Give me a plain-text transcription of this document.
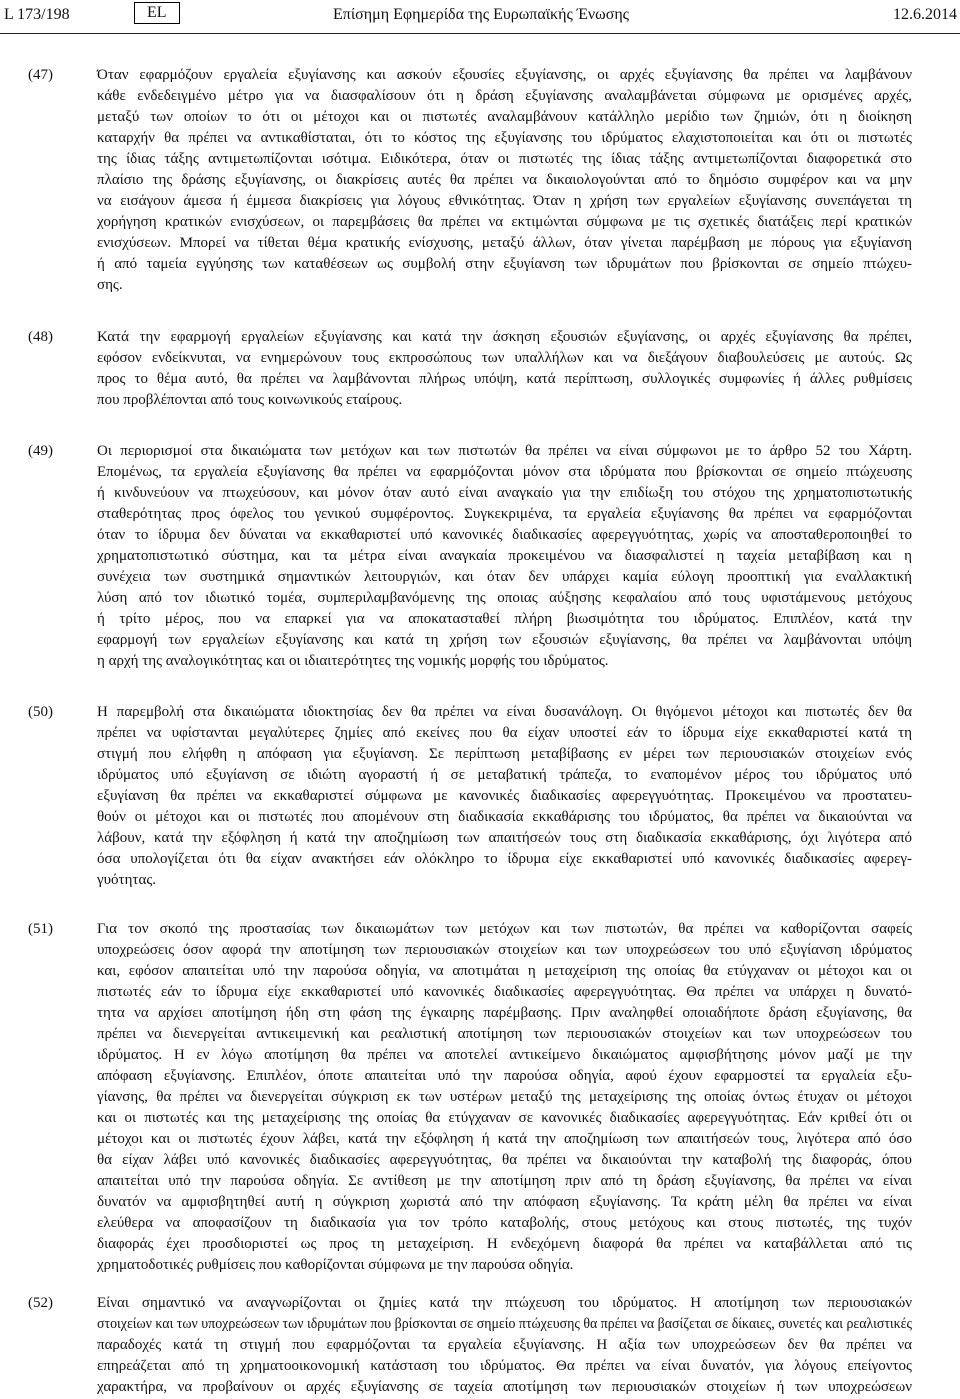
L 173/198	EL	Επίσημη Εφημερίδα της Ευρωπαϊκής Ένωσης	12.6.2014
(47)	Όταν εφαρμόζουν εργαλεία εξυγίανσης και ασκούν εξουσίες εξυγίανσης, οι αρχές εξυγίανσης θα πρέπει να λαμβάνουν
κάθε ενδεδειγμένο μέτρο για να διασφαλίσουν ότι η δράση εξυγίανσης αναλαμβάνεται σύμφωνα με ορισμένες αρχές,
μεταξύ των οποίων το ότι οι μέτοχοι και οι πιστωτές αναλαμβάνουν κατάλληλο μερίδιο των ζημιών, ότι η διοίκηση
καταρχήν θα πρέπει να αντικαθίσταται, ότι το κόστος της εξυγίανσης του ιδρύματος ελαχιστοποιείται και ότι οι πιστωτές
της ίδιας τάξης αντιμετωπίζονται ισότιμα. Ειδικότερα, όταν οι πιστωτές της ίδιας τάξης αντιμετωπίζονται διαφορετικά στο
πλαίσιο της δράσης εξυγίανσης, οι διακρίσεις αυτές θα πρέπει να δικαιολογούνται από το δημόσιο συμφέρον και να μην
να εισάγουν άμεσα ή έμμεσα διακρίσεις για λόγους εθνικότητας. Όταν η χρήση των εργαλείων εξυγίανσης συνεπάγεται τη
χορήγηση κρατικών ενισχύσεων, οι παρεμβάσεις θα πρέπει να εκτιμώνται σύμφωνα με τις σχετικές διατάξεις περί κρατικών
ενισχύσεων. Μπορεί να τίθεται θέμα κρατικής ενίσχυσης, μεταξύ άλλων, όταν γίνεται παρέμβαση με πόρους για εξυγίανση
ή από ταμεία εγγύησης των καταθέσεων ως συμβολή στην εξυγίανση των ιδρυμάτων που βρίσκονται σε σημείο πτώχευ-
σης.
(48)	Κατά την εφαρμογή εργαλείων εξυγίανσης και κατά την άσκηση εξουσιών εξυγίανσης, οι αρχές εξυγίανσης θα πρέπει,
εφόσον ενδείκνυται, να ενημερώνουν τους εκπροσώπους των υπαλλήλων και να διεξάγουν διαβουλεύσεις με αυτούς. Ως
προς το θέμα αυτό, θα πρέπει να λαμβάνονται πλήρως υπόψη, κατά περίπτωση, συλλογικές συμφωνίες ή άλλες ρυθμίσεις
που προβλέπονται από τους κοινωνικούς εταίρους.
(49)	Οι περιορισμοί στα δικαιώματα των μετόχων και των πιστωτών θα πρέπει να είναι σύμφωνοι με το άρθρο 52 του Χάρτη.
Επομένως, τα εργαλεία εξυγίανσης θα πρέπει να εφαρμόζονται μόνον στα ιδρύματα που βρίσκονται σε σημείο πτώχευσης
ή κινδυνεύουν να πτωχεύσουν, και μόνον όταν αυτό είναι αναγκαίο για την επιδίωξη του στόχου της χρηματοπιστωτικής
σταθερότητας προς όφελος του γενικού συμφέροντος. Συγκεκριμένα, τα εργαλεία εξυγίανσης θα πρέπει να εφαρμόζονται
όταν το ίδρυμα δεν δύναται να εκκαθαριστεί υπό κανονικές διαδικασίες αφερεγγυότητας, χωρίς να αποσταθεροποιηθεί το
χρηματοπιστωτικό σύστημα, και τα μέτρα είναι αναγκαία προκειμένου να διασφαλιστεί η ταχεία μεταβίβαση και η
συνέχεια των συστημικά σημαντικών λειτουργιών, και όταν δεν υπάρχει καμία εύλογη προοπτική για εναλλακτική
λύση από τον ιδιωτικό τομέα, συμπεριλαμβανόμενης της οποιας αύξησης κεφαλαίου από τους υφιστάμενους μετόχους
ή τρίτο μέρος, που να επαρκεί για να αποκατασταθεί πλήρη βιωσιμότητα του ιδρύματος. Επιπλέον, κατά την
εφαρμογή των εργαλείων εξυγίανσης και κατά τη χρήση των εξουσιών εξυγίανσης, θα πρέπει να λαμβάνονται υπόψη
η αρχή της αναλογικότητας και οι ιδιαιτερότητες της νομικής μορφής του ιδρύματος.
(50)	Η παρεμβολή στα δικαιώματα ιδιοκτησίας δεν θα πρέπει να είναι δυσανάλογη. Οι θιγόμενοι μέτοχοι και πιστωτές δεν θα
πρέπει να υφίστανται μεγαλύτερες ζημίες από εκείνες που θα είχαν υποστεί εάν το ίδρυμα είχε εκκαθαριστεί κατά τη
στιγμή που ελήφθη η απόφαση για εξυγίανση. Σε περίπτωση μεταβίβασης εν μέρει των περιουσιακών στοιχείων ενός
ιδρύματος υπό εξυγίανση σε ιδιώτη αγοραστή ή σε μεταβατική τράπεζα, το εναπομένον μέρος του ιδρύματος υπό
εξυγίανση θα πρέπει να εκκαθαριστεί σύμφωνα με κανονικές διαδικασίες αφερεγγυότητας. Προκειμένου να προστατευ-
θούν οι μέτοχοι και οι πιστωτές που απομένουν στη διαδικασία εκκαθάρισης του ιδρύματος, θα πρέπει να δικαιούνται να
λάβουν, κατά την εξόφληση ή κατά την αποζημίωση των απαιτήσεών τους στη διαδικασία εκκαθάρισης, όχι λιγότερα από
όσα υπολογίζεται ότι θα είχαν ανακτήσει εάν ολόκληρο το ίδρυμα είχε εκκαθαριστεί υπό κανονικές διαδικασίες αφερεγ-
γυότητας.
(51)	Για τον σκοπό της προστασίας των δικαιωμάτων των μετόχων και των πιστωτών, θα πρέπει να καθορίζονται σαφείς
υποχρεώσεις όσον αφορά την αποτίμηση των περιουσιακών στοιχείων και των υποχρεώσεων του υπό εξυγίανση ιδρύματος
και, εφόσον απαιτείται υπό την παρούσα οδηγία, να αποτιμάται η μεταχείριση της οποίας θα ετύγχαναν οι μέτοχοι και οι
πιστωτές εάν το ίδρυμα είχε εκκαθαριστεί υπό κανονικές διαδικασίες αφερεγγυότητας. Θα πρέπει να υπάρχει η δυνατό-
τητα να αρχίσει αποτίμηση ήδη στη φάση της έγκαιρης παρέμβασης. Πριν αναληφθεί οποιαδήποτε δράση εξυγίανσης, θα
πρέπει να διενεργείται αντικειμενική και ρεαλιστική αποτίμηση των περιουσιακών στοιχείων και των υποχρεώσεων του
ιδρύματος. Η εν λόγω αποτίμηση θα πρέπει να αποτελεί αντικείμενο δικαιώματος αμφισβήτησης μόνον μαζί με την
απόφαση εξυγίανσης. Επιπλέον, όποτε απαιτείται υπό την παρούσα οδηγία, αφού έχουν εφαρμοστεί τα εργαλεία εξυ-
γίανσης, θα πρέπει να διενεργείται σύγκριση εκ των υστέρων μεταξύ της μεταχείρισης της οποίας όντως έτυχαν οι μέτοχοι
και οι πιστωτές και της μεταχείρισης της οποίας θα ετύγχαναν σε κανονικές διαδικασίες αφερεγγυότητας. Εάν κριθεί ότι οι
μέτοχοι και οι πιστωτές έχουν λάβει, κατά την εξόφληση ή κατά την αποζημίωση των απαιτήσεών τους, λιγότερα από όσο
θα είχαν λάβει υπό κανονικές διαδικασίες αφερεγγυότητας, θα πρέπει να δικαιούνται την καταβολή της διαφοράς, όπου
απαιτείται υπό την παρούσα οδηγία. Σε αντίθεση με την αποτίμηση πριν από τη δράση εξυγίανσης, θα πρέπει να είναι
δυνατόν να αμφισβητηθεί αυτή η σύγκριση χωριστά από την απόφαση εξυγίανσης. Τα κράτη μέλη θα πρέπει να είναι
ελεύθερα να αποφασίζουν τη διαδικασία για τον τρόπο καταβολής, στους μετόχους και στους πιστωτές, της τυχόν
διαφοράς έχει προσδιοριστεί ως προς τη μεταχείριση. Η ενδεχόμενη διαφορά θα πρέπει να καταβάλλεται από τις
χρηματοδοτικές ρυθμίσεις που καθορίζονται σύμφωνα με την παρούσα οδηγία.
(52)	Είναι σημαντικό να αναγνωρίζονται οι ζημίες κατά την πτώχευση του ιδρύματος. Η αποτίμηση των περιουσιακών
στοιχείων και των υποχρεώσεων των ιδρυμάτων που βρίσκονται σε σημείο πτώχευσης θα πρέπει να βασίζεται σε δίκαιες, συνετές και ρεαλιστικές
παραδοχές κατά τη στιγμή που εφαρμόζονται τα εργαλεία εξυγίανσης. Η αξία των υποχρεώσεων δεν θα πρέπει να
επηρεάζεται από τη χρηματοοικονομική κατάσταση του ιδρύματος. Θα πρέπει να είναι δυνατόν, για λόγους επείγοντος
χαρακτήρα, να προβαίνουν οι αρχές εξυγίανσης σε ταχεία αποτίμηση των περιουσιακών στοιχείων ή των υποχρεώσεων
